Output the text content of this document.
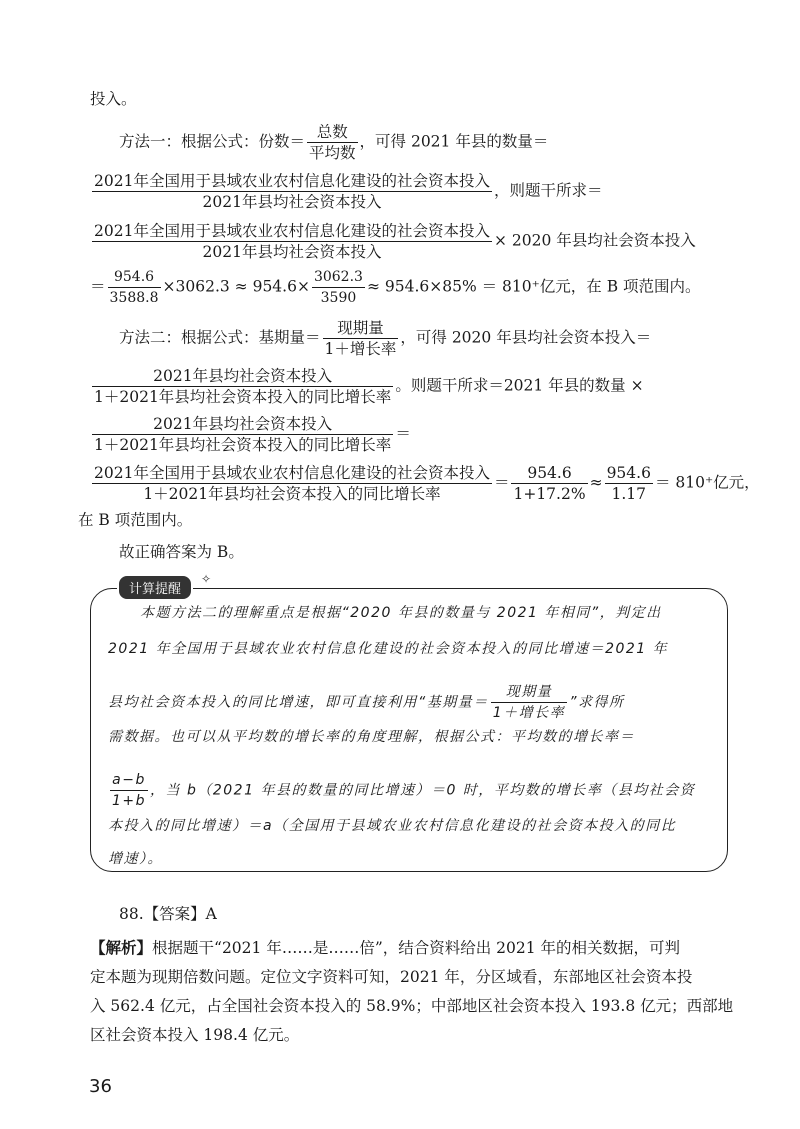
投入。
方法一：根据公式：份数＝ $\frac{\text{总数}}{\text{平均数}}$ ，可得 2021 年县的数量＝
$\frac{\text{2021年全国用于县域农业农村信息化建设的社会资本投入}}{\text{2021年县均社会资本投入}}$ ，则题干所求＝
$\frac{\text{2021年全国用于县域农业农村信息化建设的社会资本投入}}{\text{2021年县均社会资本投入}} \times 2020$ 年县均社会资本投入
＝ $\frac{954.6}{3588.8} \times 3062.3 \approx 954.6\times \frac{3062.3}{3590} \approx 954.6\times 85\% = 810^+$亿元，在 B 项范围内。
方法二：根据公式：基期量＝ $\frac{\text{现期量}}{\text{1＋增长率}}$ ，可得 2020 年县均社会资本投入＝
$\frac{\text{2021年县均社会资本投入}}{\text{1＋2021年县均社会资本投入的同比增长率}}$ 。则题干所求＝2021 年县的数量 ×
$\frac{\text{2021年县均社会资本投入}}{\text{1＋2021年县均社会资本投入的同比增长率}}$ ＝
$\frac{\text{2021年全国用于县域农业农村信息化建设的社会资本投入}}{\text{1＋2021年县均社会资本投入的同比增长率}} = \frac{954.6}{1+17.2\%} \approx \frac{954.6}{1.17} = 810^+$亿元，
在 B 项范围内。
故正确答案为 B。
计算提醒
✧
本题方法二的理解重点是根据“2020 年县的数量与 2021 年相同”，判定出
2021 年全国用于县域农业农村信息化建设的社会资本投入的同比增速＝2021 年
县均社会资本投入的同比增速，即可直接利用“基期量＝ $\frac{\text{现期量}}{\text{1＋增长率}}$ ”求得所
需数据。也可以从平均数的增长率的角度理解，根据公式：平均数的增长率＝
$\frac{a-b}{1+b}$ ，当 b（2021 年县的数量的同比增速）＝0 时，平均数的增长率（县均社会资
本投入的同比增速）＝a（全国用于县域农业农村信息化建设的社会资本投入的同比
增速）。
88.【答案】A
【解析】根据题干“2021 年……是……倍”，结合资料给出 2021 年的相关数据，可判
定本题为现期倍数问题。定位文字资料可知，2021 年，分区域看，东部地区社会资本投
入 562.4 亿元，占全国社会资本投入的 58.9%；中部地区社会资本投入 193.8 亿元；西部地
区社会资本投入 198.4 亿元。
36
